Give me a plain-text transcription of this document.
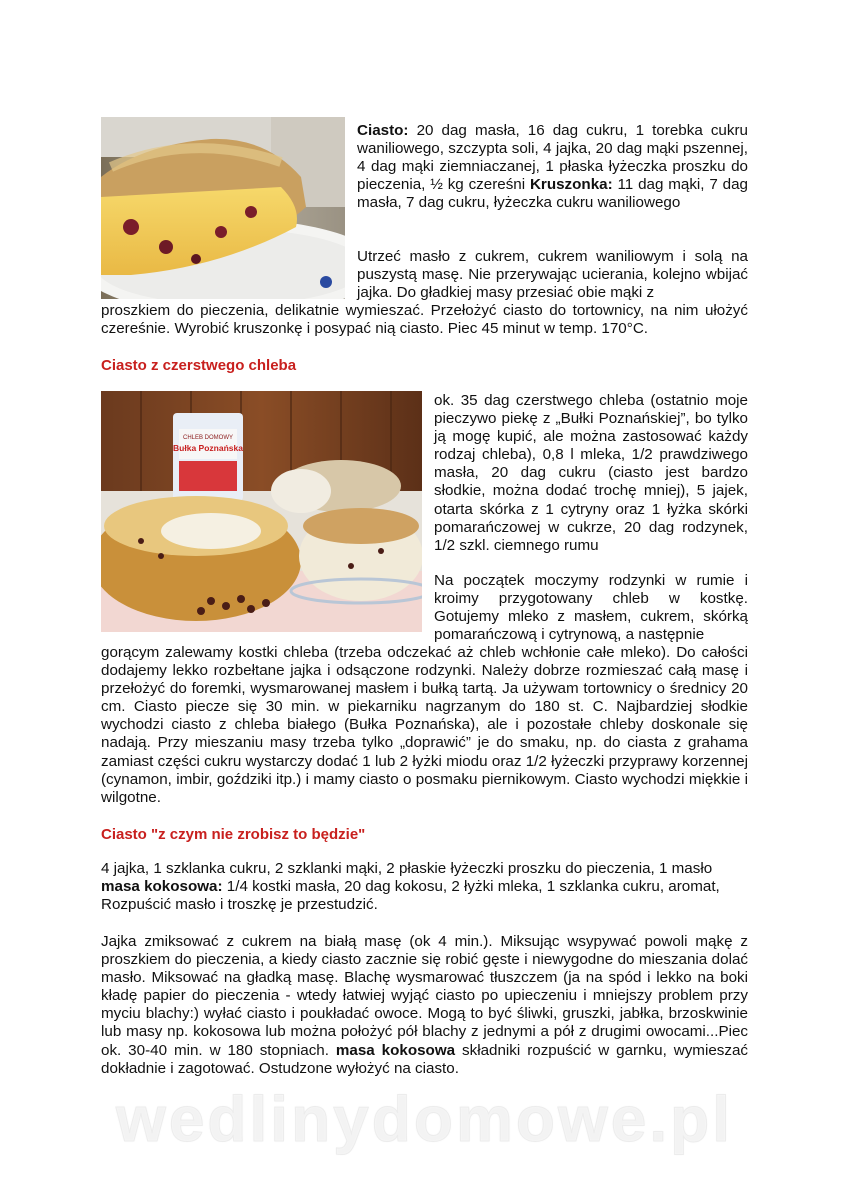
Ciasto: 20 dag masła, 16 dag cukru, 1 torebka cukru waniliowego, szczypta soli, 4 jajka, 20 dag mąki pszennej, 4 dag mąki ziemniaczanej, 1 płaska łyżeczka proszku do pieczenia, ½ kg czereśni Kruszonka: 11 dag mąki, 7 dag masła, 7 dag cukru, łyżeczka cukru waniliowego

Utrzeć masło z cukrem, cukrem waniliowym i solą na puszystą masę. Nie przerywając ucierania, kolejno wbijać jajka. Do gładkiej masy przesiać obie mąki z

proszkiem do pieczenia, delikatnie wymieszać. Przełożyć ciasto do tortownicy, na nim ułożyć czereśnie. Wyrobić kruszonkę i posypać nią ciasto. Piec 45 minut w temp. 170°C.

Ciasto z czerstwego chleba
CHLEB DOMOWY
Bułka Poznańska

ok. 35 dag czerstwego chleba (ostatnio moje pieczywo piekę z „Bułki Poznańskiej”, bo tylko ją mogę kupić, ale można zastosować każdy rodzaj chleba), 0,8 l mleka, 1/2 prawdziwego masła, 20 dag cukru (ciasto jest bardzo słodkie, można dodać trochę mniej), 5 jajek, otarta skórka z 1 cytryny oraz 1 łyżka skórki pomarańczowej w cukrze, 20 dag rodzynek, 1/2 szkl. ciemnego rumu

Na początek moczymy rodzynki w rumie i kroimy przygotowany chleb w kostkę. Gotujemy mleko z masłem, cukrem, skórką pomarańczową i cytrynową, a następnie

gorącym zalewamy kostki chleba (trzeba odczekać aż chleb wchłonie całe mleko). Do całości dodajemy lekko rozbełtane jajka i odsączone rodzynki. Należy dobrze rozmieszać całą masę i przełożyć do foremki, wysmarowanej masłem i bułką tartą. Ja używam tortownicy o średnicy 20 cm. Ciasto piecze się 30 min. w piekarniku nagrzanym do 180 st. C. Najbardziej słodkie wychodzi ciasto z chleba białego (Bułka Poznańska), ale i pozostałe chleby doskonale się nadają. Przy mieszaniu masy trzeba tylko „doprawić” je do smaku, np. do ciasta z grahama zamiast części cukru wystarczy dodać 1 lub 2 łyżki miodu oraz 1/2 łyżeczki przyprawy korzennej (cynamon, imbir, goździki itp.) i mamy ciasto o posmaku piernikowym. Ciasto wychodzi miękkie i wilgotne.

Ciasto "z czym nie zrobisz to będzie"

4 jajka, 1 szklanka cukru, 2 szklanki mąki, 2 płaskie łyżeczki proszku do pieczenia, 1 masło
masa kokosowa: 1/4 kostki masła, 20 dag kokosu, 2 łyżki mleka, 1 szklanka cukru, aromat,
Rozpuścić masło i troszkę je przestudzić.

Jajka zmiksować z cukrem na białą masę (ok 4 min.). Miksując wsypywać powoli mąkę z proszkiem do pieczenia, a kiedy ciasto zacznie się robić gęste i niewygodne do mieszania dolać masło. Miksować na gładką masę. Blachę wysmarować tłuszczem (ja na spód i lekko na boki kładę papier do pieczenia - wtedy łatwiej wyjąć ciasto po upieczeniu i mniejszy problem przy myciu blachy:) wyłać ciasto i poukładać owoce. Mogą to być śliwki, gruszki, jabłka, brzoskwinie lub masy np. kokosowa lub można położyć pół blachy z jednymi a pół z drugimi owocami...Piec ok. 30-40 min. w 180 stopniach. masa kokosowa składniki rozpuścić w garnku, wymieszać dokładnie i zagotować. Ostudzone wyłożyć na ciasto.

wedlinydomowe.pl
